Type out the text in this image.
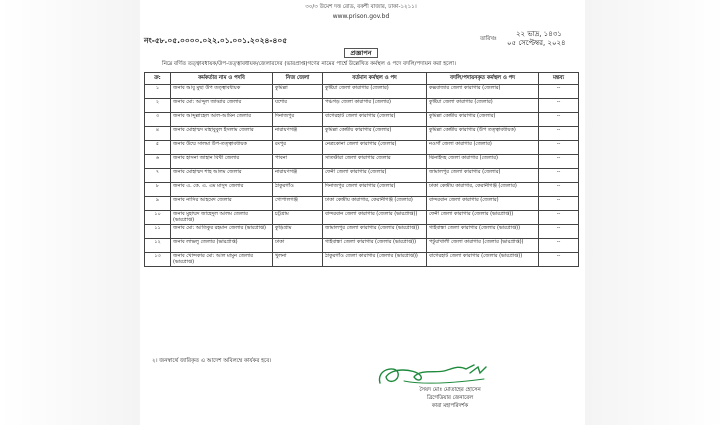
৩০/৩ উমেশ দত্ত রোড, বকশী বাজার, ঢাকা-১২১১।
www.prison.gov.bd
নং-৫৮.০৫.০০০০.০২২.০১.০০১.২০২৪-৪০৫	তারিখঃ
২২ ভাদ্র, ১৪৩১
০৫ সেপ্টেম্বর, ২০২৪
প্রজ্ঞাপন
নিম্নে বর্ণিত তত্ত্বাবধায়ক/উপ-তত্ত্বাবধায়ক/জেলারদের (ভারপ্রাপ্ত)গণের নামের পার্শ্বে উল্লেখিত কর্মস্থল ও পদে বদলি/পদায়ন করা হলো।
ক্র:	কর্মকর্তার নাম ও পদবি	নিজ জেলা	বর্তমান কর্মস্থল ও পদ	বদলি/পদায়নকৃত কর্মস্থল ও পদ	মন্তব্য
১	জনাব আবু মুছা উপ তত্ত্বাবধায়ক	কুমিল্লা	কুষ্টিয়া জেলা কারাগার (জেলার)	কক্সবাজার জেলা কারাগার (জেলার)	--
২	জনাব মো: আব্দুল জাব্বার জেলার	যশোর	পঞ্চগড় জেলা কারাগার (জেলার)	কুষ্টিয়া জেলা কারাগার (জেলার)	--
৩	জনাব আব্দুল্লাহেল আল-আমিন জেলার	দিনাজপুর	বাগেরহাট জেলা কারাগার (জেলার)	কুমিল্লা কেন্দ্রীয় কারাগার (জেলার)	--
৪	জনাব মোহাম্মদ মাহাবুবুল ইসলাম জেলার	নারায়ণগঞ্জ	কুমিল্লা কেন্দ্রীয় কারাগার (জেলার)	কুমিল্লা কেন্দ্রীয় কারাগার (উপ তত্ত্বাবধায়ক)	--
৫	জনাব উম্মে সালমা উপ-তত্ত্বাবধায়ক	রংপুর	নেত্রকোনা জেলা কারাগার (জেলার)	নওগাঁ জেলা কারাগার (জেলার)	--
৬	জনাব হাসনা জাহান বিথী জেলার	পাবনা	সাতক্ষীরা জেলা কারাগার জেলার	ঝিনাইদহ জেলা কারাগার (জেলার)	--
৭	জনাব মোহাম্মদ শাহ আলম জেলার	নারায়ণগঞ্জ	ফেনী জেলা কারাগার (জেলার)	জামালপুর জেলা কারাগার (জেলার)	--
৮	জনাব এ. কে. এ. এম মাসুদ জেলার	ঠাকুরগাঁও	দিনাজপুর জেলা কারাগার (জেলার)	ঢাকা কেন্দ্রীয় কারাগার, কেরানীগঞ্জ (জেলার)	--
৯	জনাব নাসির আহমেদ জেলার	গোপালগঞ্জ	ঢাকা কেন্দ্রীয় কারাগার, কেরানীগঞ্জ (জেলার)	বান্দরবান জেলা কারাগার (জেলার)	--
১০	জনাব মুহাম্মদ জাহেদুল আলম জেলার (ভারপ্রাপ্ত)	চট্টগ্রাম	বান্দরবান জেলা কারাগার (জেলার (ভারপ্রাপ্ত))	ফেনী জেলা কারাগার (জেলার (ভারপ্রাপ্ত))	--
১১	জনাব মো: আতিকুর রহমান জেলার (ভারপ্রাপ্ত)	কুড়িগ্রাম	জামালপুর জেলা কারাগার (জেলার (ভারপ্রাপ্ত))	গাইবান্ধা জেলা কারাগার (জেলার (ভারপ্রাপ্ত))	--
১২	জনাব লাভলু জেলার (ভারপ্রাপ্ত)	ঢাকা	গাইবান্ধা জেলা কারাগার (জেলার (ভারপ্রাপ্ত))	পটুয়াখালী জেলা কারাগার (জেলার (ভারপ্রাপ্ত))	--
১৩	জনাব খোন্দকার মো: আল মামুন জেলার (ভারপ্রাপ্ত)	খুলনা	ঠাকুরগাঁও জেলা কারাগার (জেলার (ভারপ্রাপ্ত))	বাগেরহাট জেলা কারাগার (জেলার (ভারপ্রাপ্ত))	--
২। জনস্বার্থে জারিকৃত এ আদেশ অবিলম্বে কার্যকর হবে।
সৈয়দ মোঃ মোতাহের হোসেন
ব্রিগেডিয়ার জেনারেল
কারা মহাপরিদর্শক
